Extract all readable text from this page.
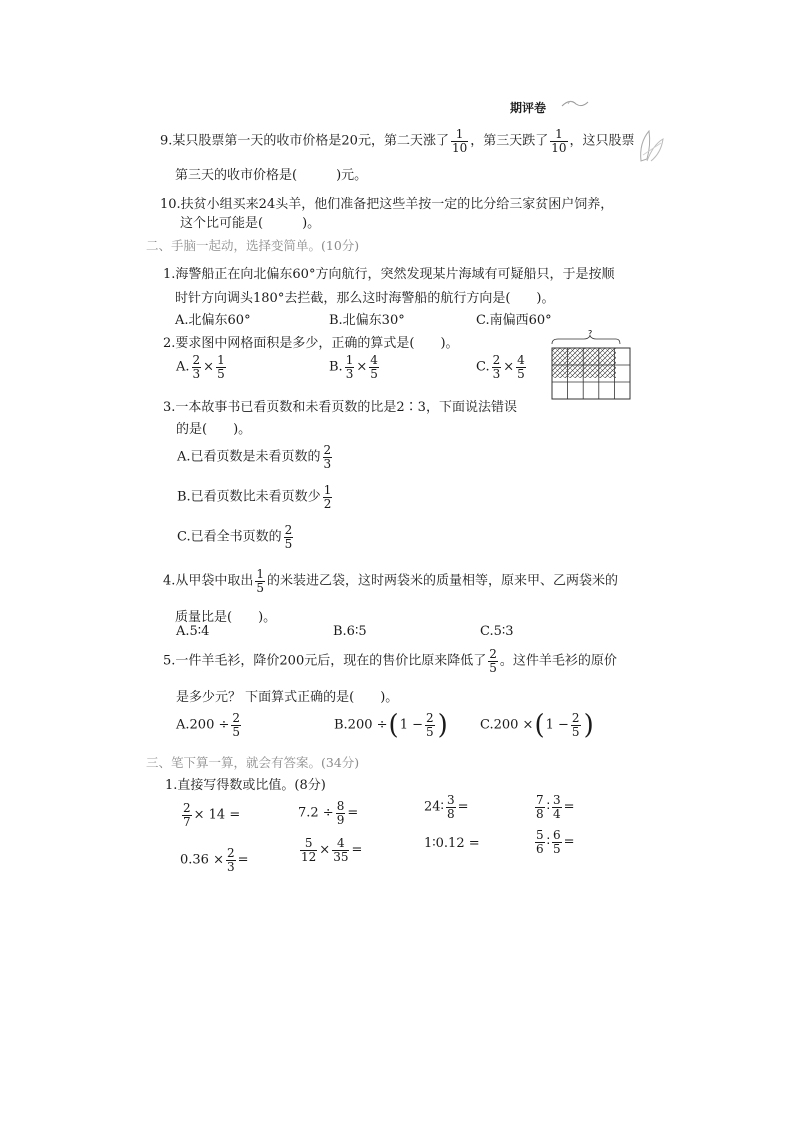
期评卷
9.某只股票第一天的收市价格是20元，第二天涨了 $\frac{1}{10}$ ，第三天跌了 $\frac{1}{10}$ ，这只股票
第三天的收市价格是(　　　)元。
10.扶贫小组买来24头羊，他们准备把这些羊按一定的比分给三家贫困户饲养，
这个比可能是(　　　)。
二、手脑一起动，选择变简单。(10分)
1.海警船正在向北偏东60°方向航行，突然发现某片海域有可疑船只，于是按顺
时针方向调头180°去拦截，那么这时海警船的航行方向是(　　)。
A.北偏东60°	B.北偏东30°	C.南偏西60°
2.要求图中网格面积是多少，正确的算式是(　　)。
A. $\frac{2}{3} \times \frac{1}{5}$	B. $\frac{1}{3} \times \frac{4}{5}$	C. $\frac{2}{3} \times \frac{4}{5}$
?
3.一本故事书已看页数和未看页数的比是2∶3，下面说法错误
的是(　　)。
A.已看页数是未看页数的 $\frac{2}{3}$
B.已看页数比未看页数少 $\frac{1}{2}$
C.已看全书页数的 $\frac{2}{5}$
4.从甲袋中取出 $\frac{1}{5}$ 的米装进乙袋，这时两袋米的质量相等，原来甲、乙两袋米的
质量比是(　　)。
A.5∶4	B.6∶5	C.5∶3
5.一件羊毛衫，降价200元后，现在的售价比原来降低了 $\frac{2}{5}$ 。这件羊毛衫的原价
是多少元？ 下面算式正确的是(　　)。
$A.200 \div \frac{2}{5}$	$B.200 \div(1 - \frac{2}{5}$ ) $C.200 \times(1 - \frac{2}{5}$ )
三、笔下算一算，就会有答案。(34分)
1.直接写得数或比值。(8分)
$\frac{2}{7} \times 14$ =	$7.2 \div \frac{8}{9}$ =	24∶ $\frac{3}{8}$ =	$\frac{7}{8}$ ∶ $\frac{3}{4}$ =
$0.36 \times \frac{2}{3}$ =	$\frac{5}{12} \times \frac{4}{35}$ =	1∶0.12 =	$\frac{5}{6}$ ∶ $\frac{6}{5}$ =
